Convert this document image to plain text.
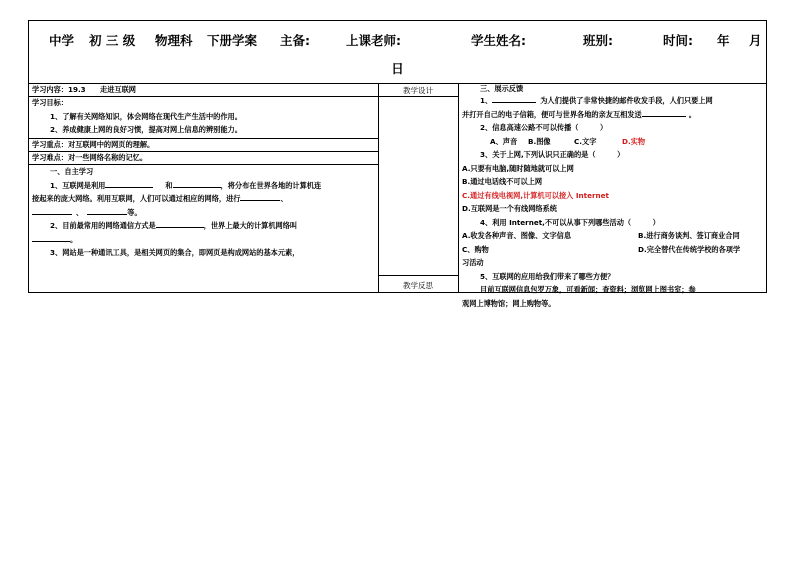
中学 初 三 级 物理科 下册学案 主备:	上课老师:	学生姓名:	班别:	时间: 年 月
日
学习内容：19.3　　走进互联网

学习目标：

1、了解有关网络知识，体会网络在现代生产生活中的作用。

2、养成健康上网的良好习惯，提高对网上信息的辨别能力。

学习重点：对互联网中的网页的理解。
学习难点：对一些网络名称的记忆。

一、自主学习

1、互联网是利用	和	，将分布在世界各地的计算机连

接起来的庞大网络。利用互联网，人们可以通过相应的网络，进行	、

、	等。

2、目前最常用的网络通信方式是	，世界上最大的计算机网络叫

。

3、网站是一种通讯工具，是相关网页的集合，即网页是构成网站的基本元素，

教学设计
教学反思

三、展示反馈

1、	为人们提供了非常快捷的邮件收发手段，人们只要上网

并打开自己的电子信箱，便可与世界各地的亲友互相发送	。

2、信息高速公路不可以传播（　　　）

A、声音 B.图像	C.文字	D.实物

3、关于上网,下列认识只正确的是（　　　）

A.只要有电脑,随时随地就可以上网

B.通过电话线不可以上网

C.通过有线电视网,计算机可以接入 Internet

D.互联网是一个有线网络系统

4、利用 Internet,不可以从事下列哪些活动（　　　）

A.收发各种声音、图像、文字信息	B.进行商务谈判、签订商业合同

C、购物	D.完全替代在传统学校的各项学

习活动

5、互联网的应用给我们带来了哪些方便？

目前互联网信息包罗万象，可看新闻；查资料；浏览网上图书室；参

观网上博物馆；网上购物等。
